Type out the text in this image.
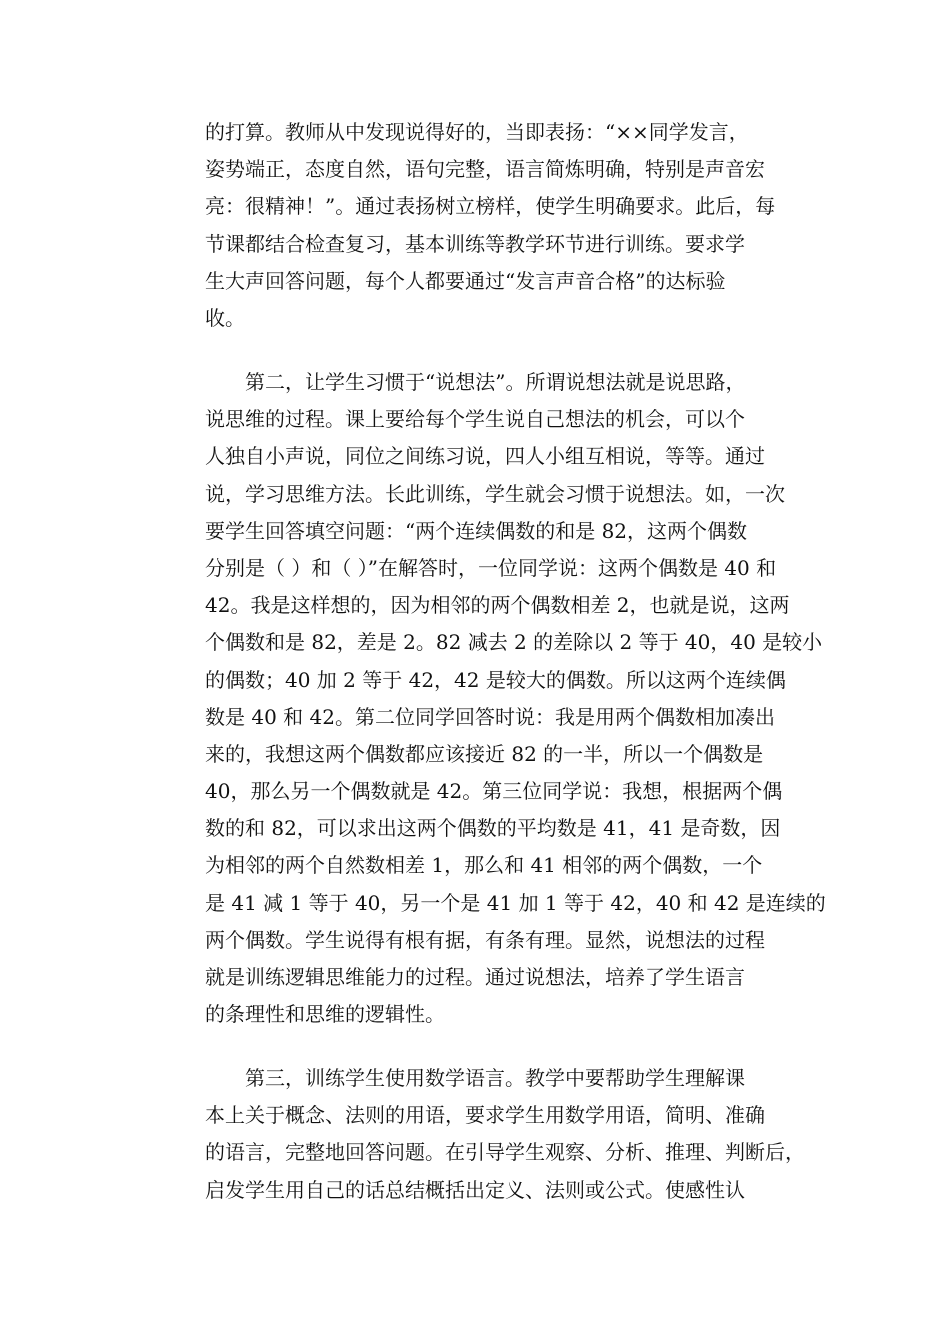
的打算。教师从中发现说得好的，当即表扬：“××同学发言，
姿势端正，态度自然，语句完整，语言简炼明确，特别是声音宏
亮：很精神！”。通过表扬树立榜样，使学生明确要求。此后，每
节课都结合检查复习，基本训练等教学环节进行训练。要求学
生大声回答问题，每个人都要通过“发言声音合格”的达标验
收。
　　第二，让学生习惯于“说想法”。所谓说想法就是说思路，
说思维的过程。课上要给每个学生说自己想法的机会，可以个
人独自小声说，同位之间练习说，四人小组互相说，等等。通过
说，学习思维方法。长此训练，学生就会习惯于说想法。如，一次
要学生回答填空问题：“两个连续偶数的和是 82，这两个偶数
分别是（ ）和（ ）”在解答时，一位同学说：这两个偶数是 40 和
42。我是这样想的，因为相邻的两个偶数相差 2，也就是说，这两
个偶数和是 82，差是 2。82 减去 2 的差除以 2 等于 40，40 是较小
的偶数；40 加 2 等于 42，42 是较大的偶数。所以这两个连续偶
数是 40 和 42。第二位同学回答时说：我是用两个偶数相加凑出
来的，我想这两个偶数都应该接近 82 的一半，所以一个偶数是
40，那么另一个偶数就是 42。第三位同学说：我想，根据两个偶
数的和 82，可以求出这两个偶数的平均数是 41，41 是奇数，因
为相邻的两个自然数相差 1，那么和 41 相邻的两个偶数，一个
是 41 减 1 等于 40，另一个是 41 加 1 等于 42，40 和 42 是连续的
两个偶数。学生说得有根有据，有条有理。显然，说想法的过程
就是训练逻辑思维能力的过程。通过说想法，培养了学生语言
的条理性和思维的逻辑性。
　　第三，训练学生使用数学语言。教学中要帮助学生理解课
本上关于概念、法则的用语，要求学生用数学用语，简明、准确
的语言，完整地回答问题。在引导学生观察、分析、推理、判断后，
启发学生用自己的话总结概括出定义、法则或公式。使感性认
